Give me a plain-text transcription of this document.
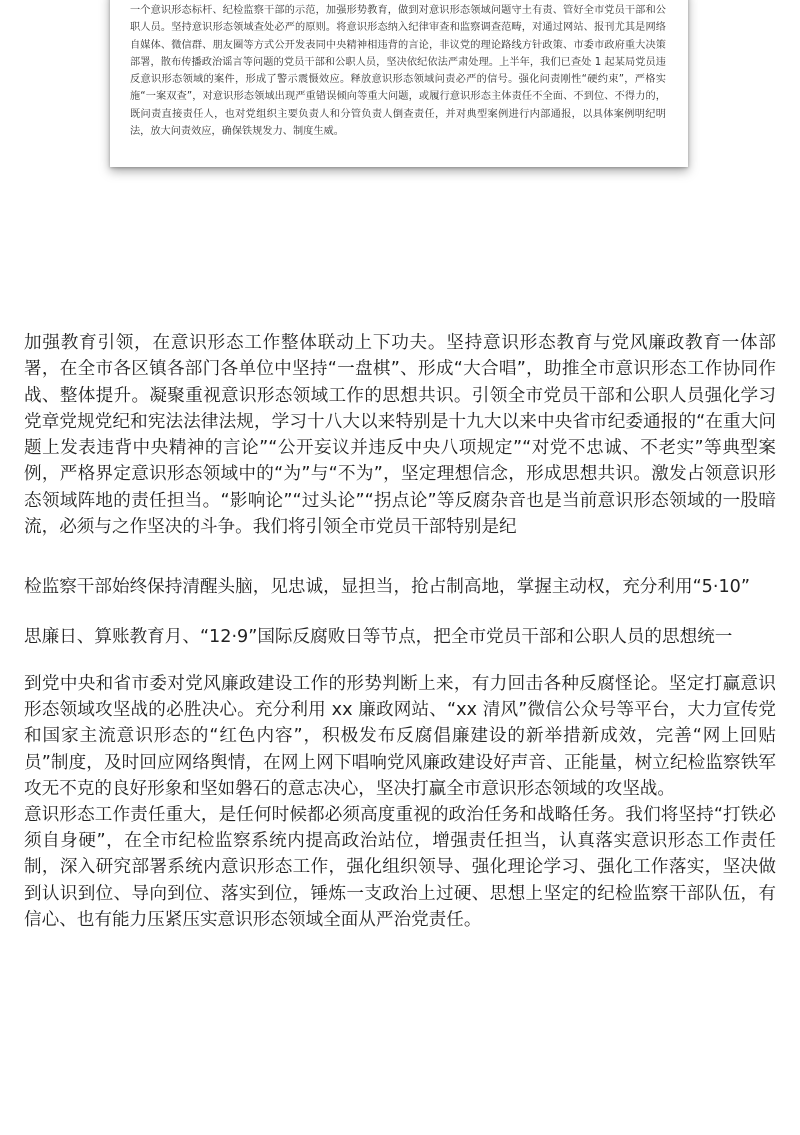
一个意识形态标杆、纪检监察干部的示范，加强形势教育，做到对意识形态领域问题守土有责、管好全市党员干部和公职人员。坚持意识形态领域查处必严的原则。将意识形态纳入纪律审查和监察调查范畴，对通过网站、报刊尤其是网络自媒体、微信群、朋友圈等方式公开发表同中央精神相违背的言论，非议党的理论路线方针政策、市委市政府重大决策部署，散布传播政治谣言等问题的党员干部和公职人员，坚决依纪依法严肃处理。上半年，我们已查处 1 起某局党员违反意识形态领域的案件，形成了警示震慑效应。释放意识形态领域问责必严的信号。强化问责刚性“硬约束”，严格实施“一案双查”，对意识形态领域出现严重错误倾向等重大问题，或履行意识形态主体责任不全面、不到位、不得力的，既问责直接责任人，也对党组织主要负责人和分管负责人倒查责任，并对典型案例进行内部通报，以具体案例明纪明法，放大问责效应，确保铁规发力、制度生威。

加强教育引领，在意识形态工作整体联动上下功夫。坚持意识形态教育与党风廉政教育一体部署，在全市各区镇各部门各单位中坚持“一盘棋”、形成“大合唱”，助推全市意识形态工作协同作战、整体提升。凝聚重视意识形态领域工作的思想共识。引领全市党员干部和公职人员强化学习党章党规党纪和宪法法律法规，学习十八大以来特别是十九大以来中央省市纪委通报的“在重大问题上发表违背中央精神的言论”“公开妄议并违反中央八项规定”“对党不忠诚、不老实”等典型案例，严格界定意识形态领域中的“为”与“不为”，坚定理想信念，形成思想共识。激发占领意识形态领域阵地的责任担当。“影响论”“过头论”“拐点论”等反腐杂音也是当前意识形态领域的一股暗流，必须与之作坚决的斗争。我们将引领全市党员干部特别是纪

检监察干部始终保持清醒头脑，见忠诚，显担当，抢占制高地，掌握主动权，充分利用“5·10”

思廉日、算账教育月、“12·9”国际反腐败日等节点，把全市党员干部和公职人员的思想统一

到党中央和省市委对党风廉政建设工作的形势判断上来，有力回击各种反腐怪论。坚定打赢意识形态领域攻坚战的必胜决心。充分利用 xx 廉政网站、“xx 清风”微信公众号等平台，大力宣传党和国家主流意识形态的“红色内容”，积极发布反腐倡廉建设的新举措新成效，完善“网上回贴员”制度，及时回应网络舆情，在网上网下唱响党风廉政建设好声音、正能量，树立纪检监察铁军攻无不克的良好形象和坚如磐石的意志决心，坚决打赢全市意识形态领域的攻坚战。
意识形态工作责任重大，是任何时候都必须高度重视的政治任务和战略任务。我们将坚持“打铁必须自身硬”，在全市纪检监察系统内提高政治站位，增强责任担当，认真落实意识形态工作责任制，深入研究部署系统内意识形态工作，强化组织领导、强化理论学习、强化工作落实，坚决做到认识到位、导向到位、落实到位，锤炼一支政治上过硬、思想上坚定的纪检监察干部队伍，有信心、也有能力压紧压实意识形态领域全面从严治党责任。
